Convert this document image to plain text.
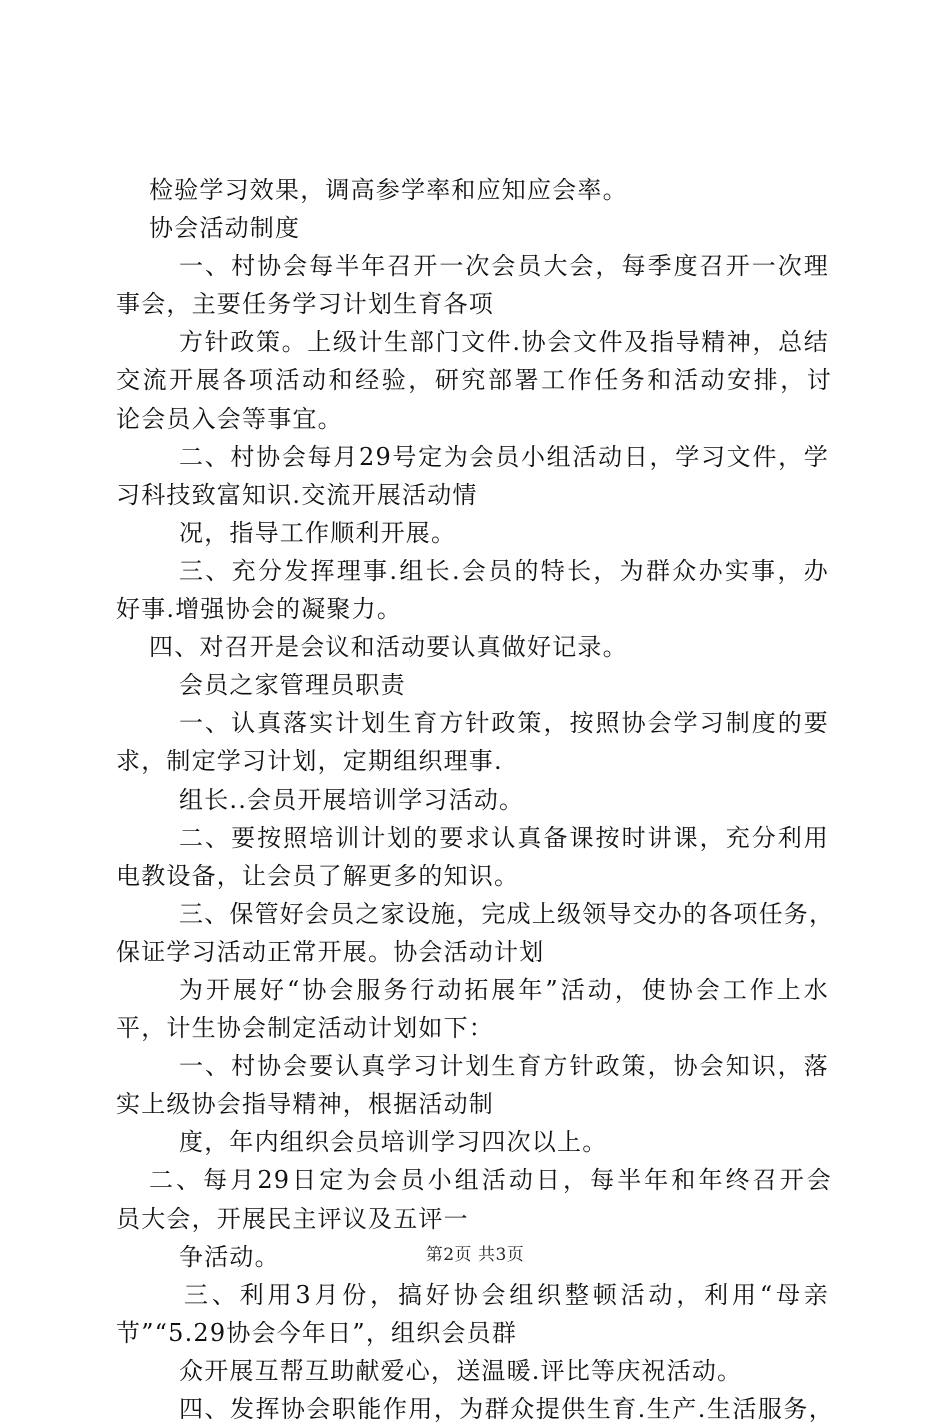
检验学习效果，调高参学率和应知应会率。
协会活动制度
一、村协会每半年召开一次会员大会，每季度召开一次理
事会，主要任务学习计划生育各项
方针政策。上级计生部门文件.协会文件及指导精神，总结
交流开展各项活动和经验，研究部署工作任务和活动安排，讨
论会员入会等事宜。
二、村协会每月29号定为会员小组活动日，学习文件，学
习科技致富知识.交流开展活动情
况，指导工作顺利开展。
三、充分发挥理事.组长.会员的特长，为群众办实事，办
好事.增强协会的凝聚力。
四、对召开是会议和活动要认真做好记录。
会员之家管理员职责
一、认真落实计划生育方针政策，按照协会学习制度的要
求，制定学习计划，定期组织理事.
组长..会员开展培训学习活动。
二、要按照培训计划的要求认真备课按时讲课，充分利用
电教设备，让会员了解更多的知识。
三、保管好会员之家设施，完成上级领导交办的各项任务，
保证学习活动正常开展。协会活动计划
为开展好“协会服务行动拓展年”活动，使协会工作上水
平，计生协会制定活动计划如下：
一、村协会要认真学习计划生育方针政策，协会知识，落
实上级协会指导精神，根据活动制
度，年内组织会员培训学习四次以上。
二、每月29日定为会员小组活动日，每半年和年终召开会
员大会，开展民主评议及五评一
争活动。
三、利用3月份，搞好协会组织整顿活动，利用“母亲
节”“5.29协会今年日”，组织会员群
众开展互帮互助献爱心，送温暖.评比等庆祝活动。
四、发挥协会职能作用，为群众提供生育.生产.生活服务，
第2页 共3页
